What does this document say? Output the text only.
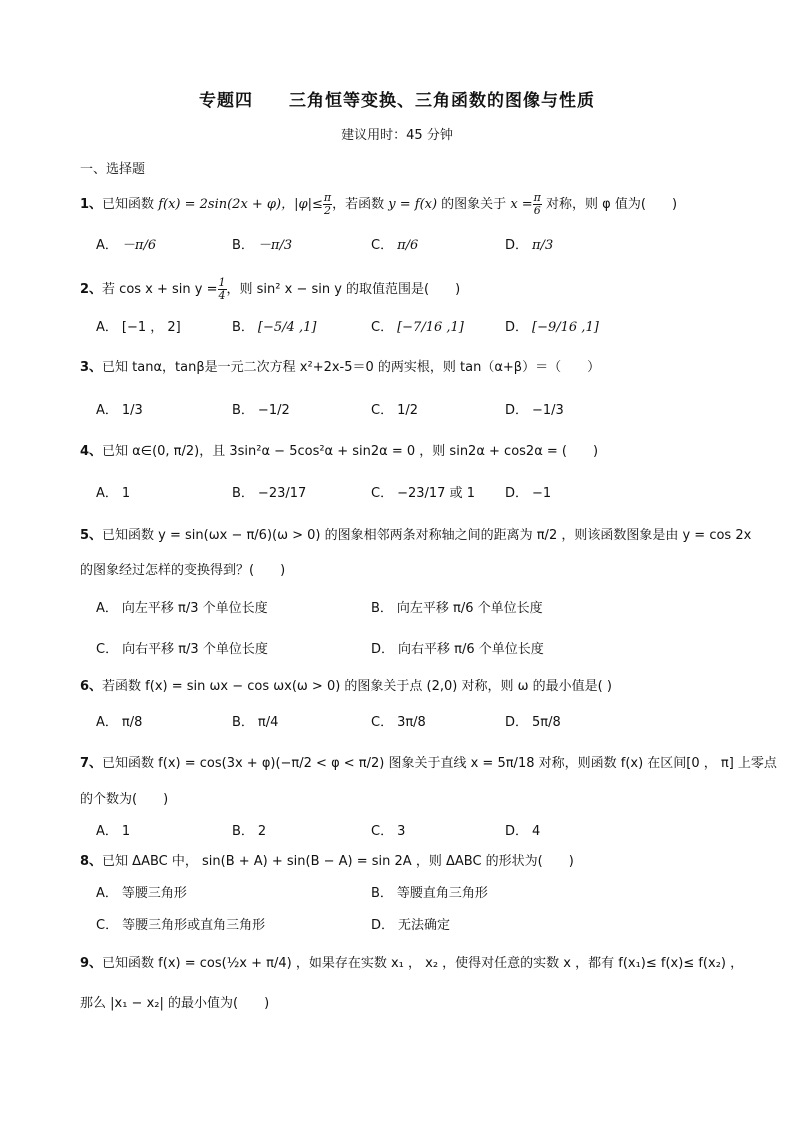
专题四　　三角恒等变换、三角函数的图像与性质
建议用时：45 分钟
一、选择题
1、已知函数 f(x) = 2sin(2x + φ)，$|\varphi|\le \frac{\pi}{2}$ ，若函数 y = f(x) 的图象关于 $x = \frac{\pi}{6}$ 对称，则 φ 值为(　　)
A． －π/6	B． －π/3	C． π/6	D． π/3
2、若 $\cos x + \sin y = \frac{1}{4}$ ，则 sin² x − sin y 的取值范围是(　　)
A． [−1 ， 2]	B． [−5/4 ,1]	C． [−7/16 ,1]	D． [−9/16 ,1]
3、已知 tanα，tanβ是一元二次方程 x²+2x-5＝0 的两实根，则 tan（α+β）＝（　　）
A． 1/3	B． −1/2	C． 1/2	D． −1/3
4、已知 α∈(0, π/2)，且 3sin²α − 5cos²α + sin2α = 0 ，则 sin2α + cos2α = (　　)
A． 1	B． −23/17	C． −23/17 或 1 D． −1
5、已知函数 y = sin(ωx − π/6)(ω > 0) 的图象相邻两条对称轴之间的距离为 π/2 ，则该函数图象是由 y = cos 2x
的图象经过怎样的变换得到？(　　)
A． 向左平移 π/3 个单位长度	B． 向左平移 π/6 个单位长度
C． 向右平移 π/3 个单位长度	D． 向右平移 π/6 个单位长度
6、若函数 f(x) = sin ωx − cos ωx(ω > 0) 的图象关于点 (2,0) 对称，则 ω 的最小值是( )
A． π/8	B． π/4	C． 3π/8	D． 5π/8
7、已知函数 f(x) = cos(3x + φ)(−π/2 < φ < π/2) 图象关于直线 x = 5π/18 对称，则函数 f(x) 在区间[0 ， π] 上零点
的个数为(　　)
A． 1	B． 2	C． 3	D． 4
8、已知 ΔABC 中， sin(B + A) + sin(B − A) = sin 2A ，则 ΔABC 的形状为(　　)
A． 等腰三角形	B． 等腰直角三角形
C． 等腰三角形或直角三角形	D． 无法确定
9、已知函数 f(x) = cos(½x + π/4) ，如果存在实数 x₁ ， x₂ ，使得对任意的实数 x ，都有 f(x₁)≤ f(x)≤ f(x₂) ，
那么 |x₁ − x₂| 的最小值为(　　)
